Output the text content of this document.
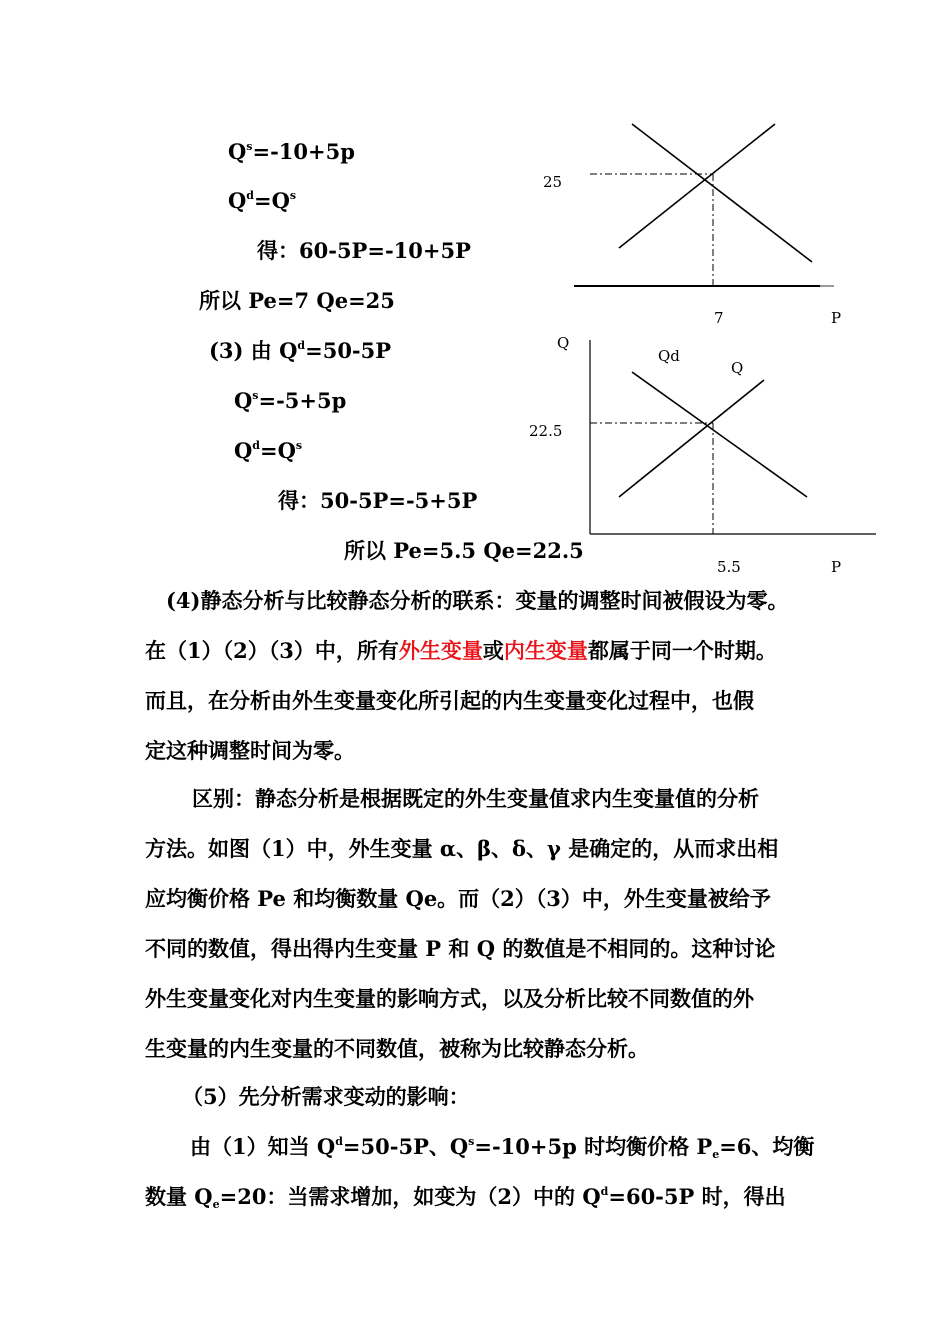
$Q^s=-10+5p$
$Q^d=Q^s$
得：60-5P=-10+5P
所以 Pe=7 Qe=25
(3) 由 $Q^d=50-5P$
$Q^s=-5+5p$
$Q^d=Q^s$
得：50-5P=-5+5P
所以 Pe=5.5 Qe=22.5
25
7	P
Q
Qd
Q
22.5
5.5	P
(4)静态分析与比较静态分析的联系：变量的调整时间被假设为零。
在（1）（2）（3）中，所有外生变量或内生变量都属于同一个时期。
而且，在分析由外生变量变化所引起的内生变量变化过程中，也假
定这种调整时间为零。
区别：静态分析是根据既定的外生变量值求内生变量值的分析
方法。如图（1）中，外生变量 α、β、δ、γ 是确定的，从而求出相
应均衡价格 Pe 和均衡数量 Qe。而（2）（3）中，外生变量被给予
不同的数值，得出得内生变量 P 和 Q 的数值是不相同的。这种讨论
外生变量变化对内生变量的影响方式，以及分析比较不同数值的外
生变量的内生变量的不同数值，被称为比较静态分析。
（5）先分析需求变动的影响：
由（1）知当 $Q^d=50-5P$、$Q^s=-10+5p$ 时均衡价格 $P_e=6$、均衡
数量 $Q_e=20$：当需求增加，如变为（2）中的 $Q^d=60-5P$ 时，得出
